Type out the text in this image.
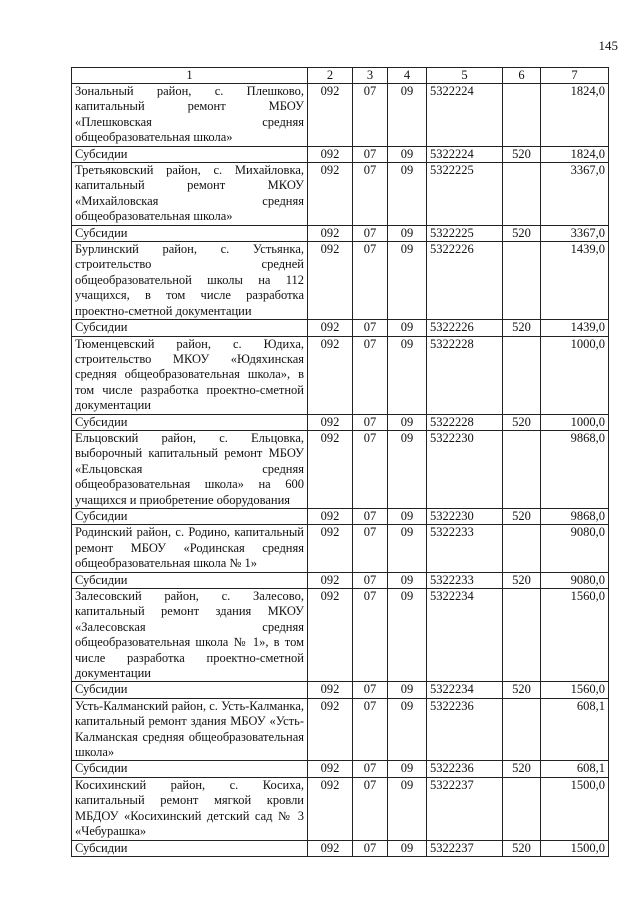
145
1	2	3	4	5	6	7
Зональный район, с. Плешково, капитальный ремонт МБОУ «Плешковская средняя общеобразовательная школа»	092	07	09	5322224		1824,0
Субсидии	092	07	09	5322224	520	1824,0
Третьяковский район, с. Михайловка, капитальный ремонт МКОУ «Михайловская средняя общеобразовательная школа»	092	07	09	5322225		3367,0
Субсидии	092	07	09	5322225	520	3367,0
Бурлинский район, с. Устьянка, строительство средней общеобразовательной школы на 112 учащихся, в том числе разработка проектно-сметной документации	092	07	09	5322226		1439,0
Субсидии	092	07	09	5322226	520	1439,0
Тюменцевский район, с. Юдиха, строительство МКОУ «Юдяхинская средняя общеобразовательная школа», в том числе разработка проектно-сметной документации	092	07	09	5322228		1000,0
Субсидии	092	07	09	5322228	520	1000,0
Ельцовский район, с. Ельцовка, выборочный капитальный ремонт МБОУ «Ельцовская средняя общеобразовательная школа» на 600 учащихся и приобретение оборудования	092	07	09	5322230		9868,0
Субсидии	092	07	09	5322230	520	9868,0
Родинский район, с. Родино, капитальный ремонт МБОУ «Родинская средняя общеобразовательная школа № 1»	092	07	09	5322233		9080,0
Субсидии	092	07	09	5322233	520	9080,0
Залесовский район, с. Залесово, капитальный ремонт здания МКОУ «Залесовская средняя общеобразовательная школа № 1», в том числе разработка проектно-сметной документации	092	07	09	5322234		1560,0
Субсидии	092	07	09	5322234	520	1560,0
Усть-Калманский район, с. Усть-Калманка, капитальный ремонт здания МБОУ «Усть-Калманская средняя общеобразовательная школа»	092	07	09	5322236		608,1
Субсидии	092	07	09	5322236	520	608,1
Косихинский район, с. Косиха, капитальный ремонт мягкой кровли МБДОУ «Косихинский детский сад № 3 «Чебурашка»	092	07	09	5322237		1500,0
Субсидии	092	07	09	5322237	520	1500,0
